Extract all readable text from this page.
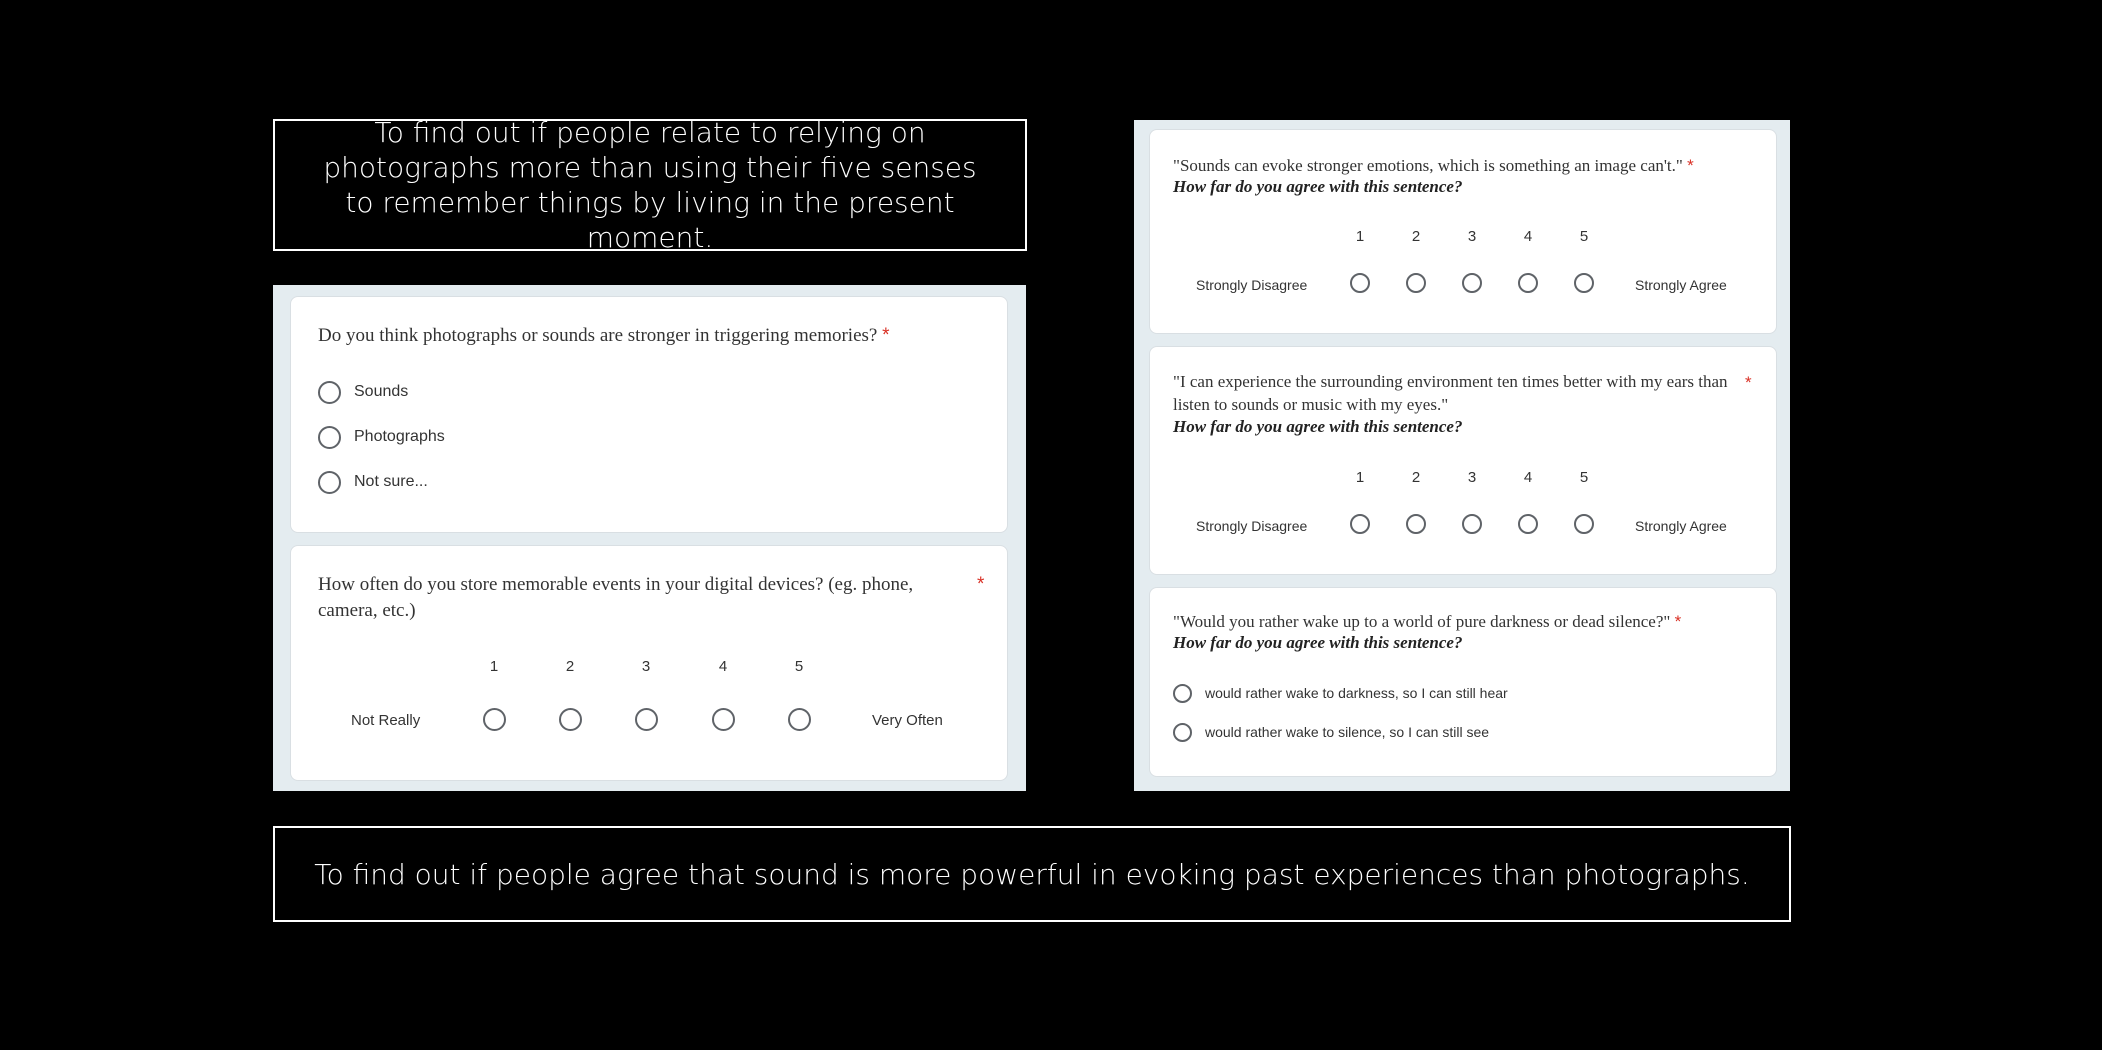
To find out if people relate to relying on photographs more than using their five senses to remember things by living in the present moment.
To find out if people agree that sound is more powerful in evoking past experiences than photographs.
Do you think photographs or sounds are stronger in triggering memories? *
Sounds
Photographs
Not sure...
How often do you store memorable events in your digital devices? (eg. phone, camera, etc.)
*
1	2	3	4	5
Not Really	Very Often
"Sounds can evoke stronger emotions, which is something an image can't." *
How far do you agree with this sentence?
1	2	3	4	5
Strongly Disagree	Strongly Agree
"I can experience the surrounding environment ten times better with my ears than listen to sounds or music with my eyes."
*
How far do you agree with this sentence?
1	2	3	4	5
Strongly Disagree	Strongly Agree
"Would you rather wake up to a world of pure darkness or dead silence?" *
How far do you agree with this sentence?
would rather wake to darkness, so I can still hear
would rather wake to silence, so I can still see
